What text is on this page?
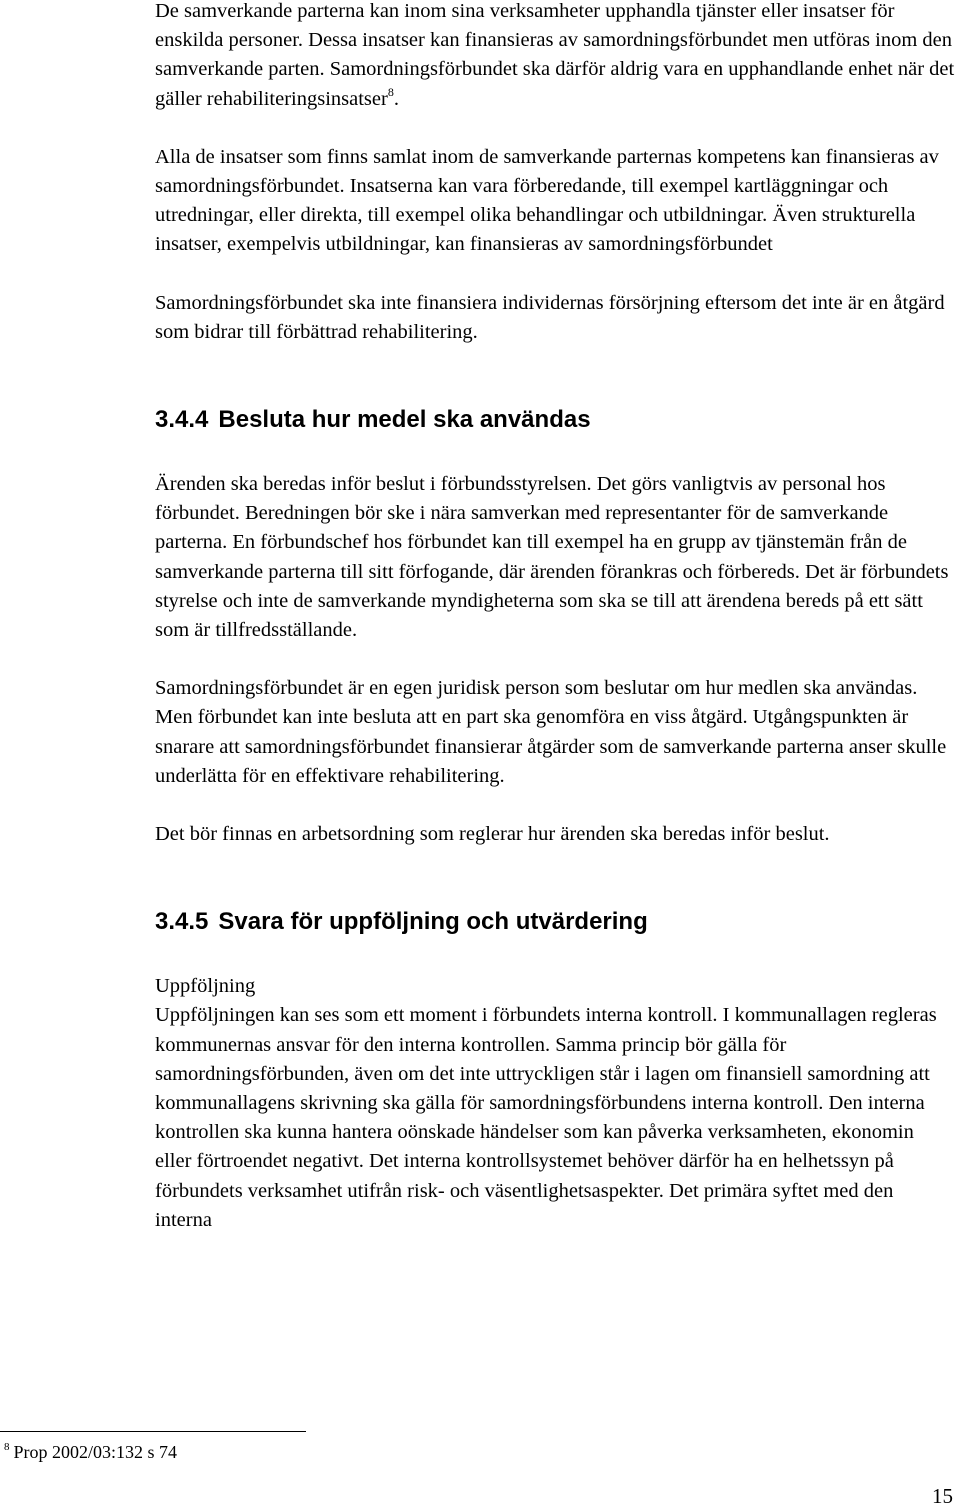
De samverkande parterna kan inom sina verksamheter upphandla tjänster eller insatser för enskilda personer. Dessa insatser kan finansieras av samordningsförbundet men utföras inom den samverkande parten. Samordningsförbundet ska därför aldrig vara en upphandlande enhet när det gäller rehabiliteringsinsatser$^8$.

Alla de insatser som finns samlat inom de samverkande parternas kompetens kan finansieras av samordningsförbundet. Insatserna kan vara förberedande, till exempel kartläggningar och utredningar, eller direkta, till exempel olika behandlingar och utbildningar. Även strukturella insatser, exempelvis utbildningar, kan finansieras av samordningsförbundet

Samordningsförbundet ska inte finansiera individernas försörjning eftersom det inte är en åtgärd som bidrar till förbättrad rehabilitering.

3.4.4 Besluta hur medel ska användas

Ärenden ska beredas inför beslut i förbundsstyrelsen. Det görs vanligtvis av personal hos förbundet. Beredningen bör ske i nära samverkan med representanter för de samverkande parterna. En förbundschef hos förbundet kan till exempel ha en grupp av tjänstemän från de samverkande parterna till sitt förfogande, där ärenden förankras och förbereds. Det är förbundets styrelse och inte de samverkande myndigheterna som ska se till att ärendena bereds på ett sätt som är tillfredsställande.

Samordningsförbundet är en egen juridisk person som beslutar om hur medlen ska användas. Men förbundet kan inte besluta att en part ska genomföra en viss åtgärd. Utgångspunkten är snarare att samordningsförbundet finansierar åtgärder som de samverkande parterna anser skulle underlätta för en effektivare rehabilitering.

Det bör finnas en arbetsordning som reglerar hur ärenden ska beredas inför beslut.

3.4.5 Svara för uppföljning och utvärdering

Uppföljning

Uppföljningen kan ses som ett moment i förbundets interna kontroll. I kommunallagen regleras kommunernas ansvar för den interna kontrollen. Samma princip bör gälla för samordningsförbunden, även om det inte uttryckligen står i lagen om finansiell samordning att kommunallagens skrivning ska gälla för samordningsförbundens interna kontroll. Den interna kontrollen ska kunna hantera oönskade händelser som kan påverka verksamheten, ekonomin eller förtroendet negativt. Det interna kontrollsystemet behöver därför ha en helhetssyn på förbundets verksamhet utifrån risk- och väsentlighetsaspekter. Det primära syftet med den interna

$^8$ Prop 2002/03:132 s 74
15
